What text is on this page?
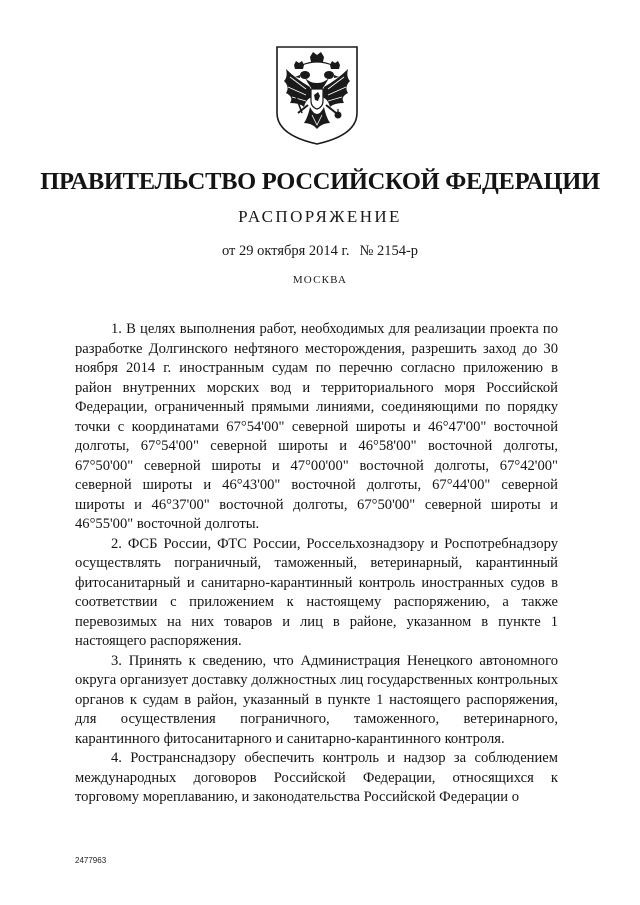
ПРАВИТЕЛЬСТВО РОССИЙСКОЙ ФЕДЕРАЦИИ
РАСПОРЯЖЕНИЕ
от 29 октября 2014 г. № 2154-р
МОСКВА

1. В целях выполнения работ, необходимых для реализации проекта по разработке Долгинского нефтяного месторождения, разрешить заход до 30 ноября 2014 г. иностранным судам по перечню согласно приложению в район внутренних морских вод и территориального моря Российской Федерации, ограниченный прямыми линиями, соединяющими по порядку точки с координатами 67°54'00" северной широты и 46°47'00" восточной долготы, 67°54'00" северной широты и 46°58'00" восточной долготы, 67°50'00" северной широты и 47°00'00" восточной долготы, 67°42'00" северной широты и 46°43'00" восточной долготы, 67°44'00" северной широты и 46°37'00" восточной долготы, 67°50'00" северной широты и 46°55'00" восточной долготы.

2. ФСБ России, ФТС России, Россельхознадзору и Роспотребнадзору осуществлять пограничный, таможенный, ветеринарный, карантинный фитосанитарный и санитарно-карантинный контроль иностранных судов в соответствии с приложением к настоящему распоряжению, а также перевозимых на них товаров и лиц в районе, указанном в пункте 1 настоящего распоряжения.

3. Принять к сведению, что Администрация Ненецкого автономного округа организует доставку должностных лиц государственных контрольных органов к судам в район, указанный в пункте 1 настоящего распоряжения, для осуществления пограничного, таможенного, ветеринарного, карантинного фитосанитарного и санитарно-карантинного контроля.

4. Ространснадзору обеспечить контроль и надзор за соблюдением международных договоров Российской Федерации, относящихся к торговому мореплаванию, и законодательства Российской Федерации о

2477963
